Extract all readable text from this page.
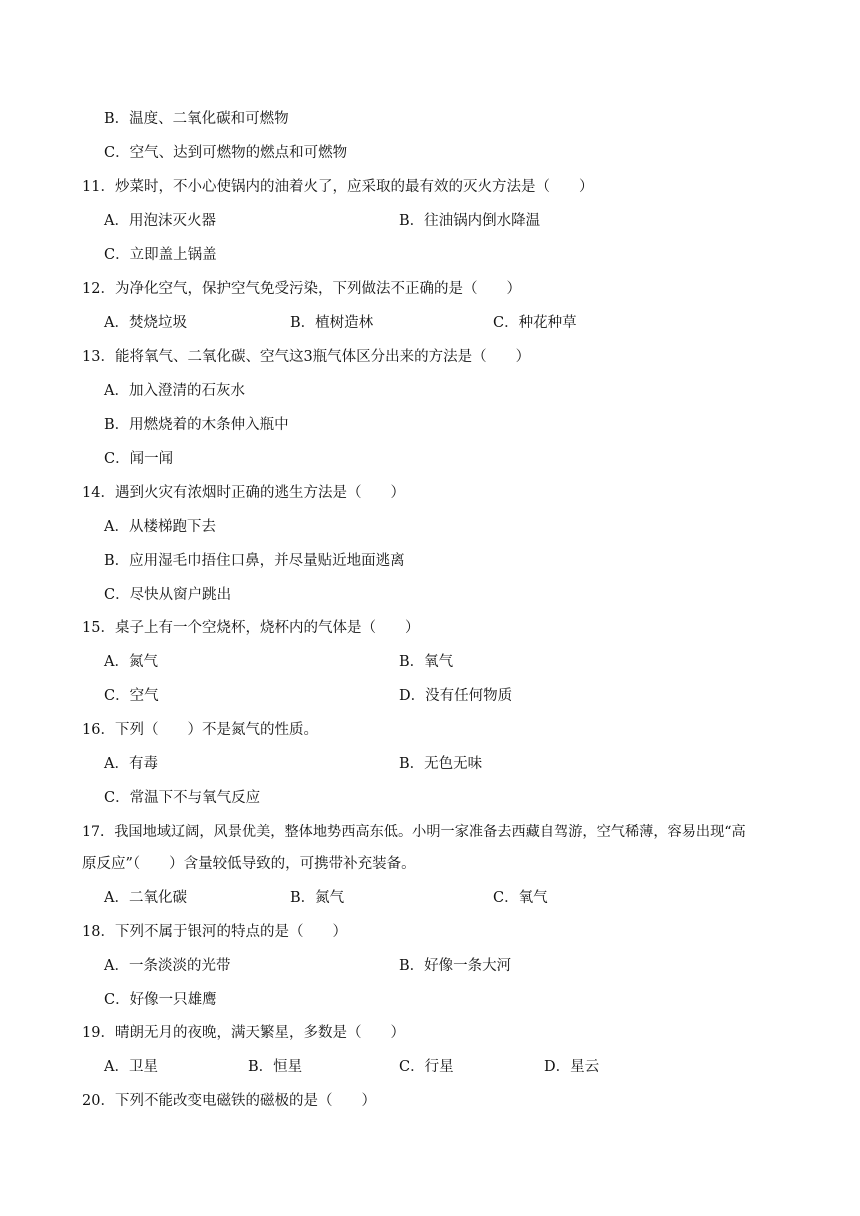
B．温度、二氧化碳和可燃物
C．空气、达到可燃物的燃点和可燃物
11．炒菜时，不小心使锅内的油着火了，应采取的最有效的灭火方法是（　　）
A．用泡沫灭火器	B．往油锅内倒水降温
C．立即盖上锅盖
12．为净化空气，保护空气免受污染，下列做法不正确的是（　　）
A．焚烧垃圾	B．植树造林	C．种花种草
13．能将氧气、二氧化碳、空气这3瓶气体区分出来的方法是（　　）
A．加入澄清的石灰水
B．用燃烧着的木条伸入瓶中
C．闻一闻
14．遇到火灾有浓烟时正确的逃生方法是（　　）
A．从楼梯跑下去
B．应用湿毛巾捂住口鼻，并尽量贴近地面逃离
C．尽快从窗户跳出
15．桌子上有一个空烧杯，烧杯内的气体是（　　）
A．氮气	B．氧气
C．空气	D．没有任何物质
16．下列（　　）不是氮气的性质。
A．有毒	B．无色无味
C．常温下不与氧气反应
17．我国地域辽阔，风景优美，整体地势西高东低。小明一家准备去西藏自驾游，空气稀薄，容易出现“高
原反应”（　　）含量较低导致的，可携带补充装备。
A．二氧化碳	B．氮气	C．氧气
18．下列不属于银河的特点的是（　　）
A．一条淡淡的光带	B．好像一条大河
C．好像一只雄鹰
19．晴朗无月的夜晚，满天繁星，多数是（　　）
A．卫星	B．恒星	C．行星	D．星云
20．下列不能改变电磁铁的磁极的是（　　）
